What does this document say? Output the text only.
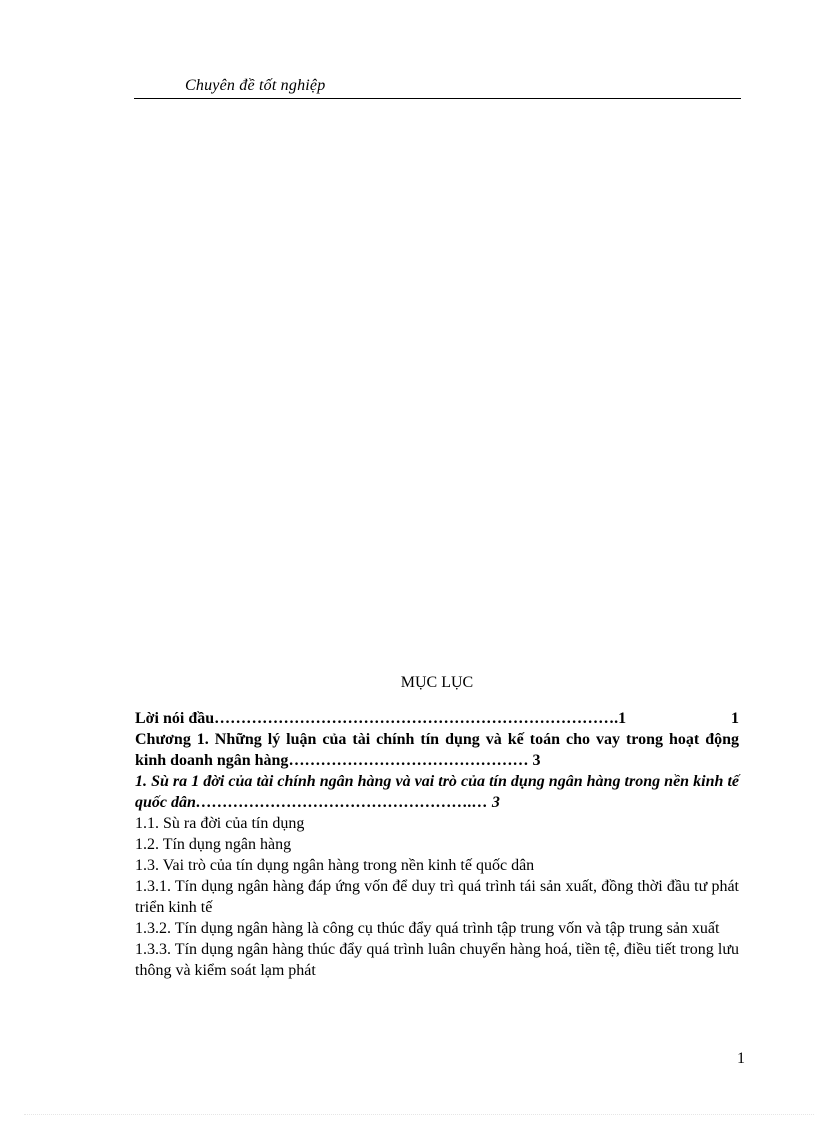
Chuyên đề tốt nghiệp
MỤC LỤC
Lời nói đầu ………………………………………………………………….1	1
Chương 1. Những lý luận của tài chính tín dụng và kế toán cho vay trong hoạt động kinh doanh ngân hàng……………………………………… 3
1. Sù ra 1 đời của tài chính ngân hàng và vai trò của tín dụng ngân hàng trong nền kinh tế quốc dân…………………………………………….… 3
1.1. Sù ra đời của tín dụng
1.2. Tín dụng ngân hàng
1.3. Vai trò của tín dụng ngân hàng trong nền kinh tế quốc dân
1.3.1. Tín dụng ngân hàng đáp ứng vốn để duy trì quá trình tái sản xuất, đồng thời đầu tư phát triển kinh tế
1.3.2. Tín dụng ngân hàng là công cụ thúc đẩy quá trình tập trung vốn và tập trung sản xuất
1.3.3. Tín dụng ngân hàng thúc đẩy quá trình luân chuyển hàng hoá, tiền tệ, điều tiết trong lưu thông và kiểm soát lạm phát
1
